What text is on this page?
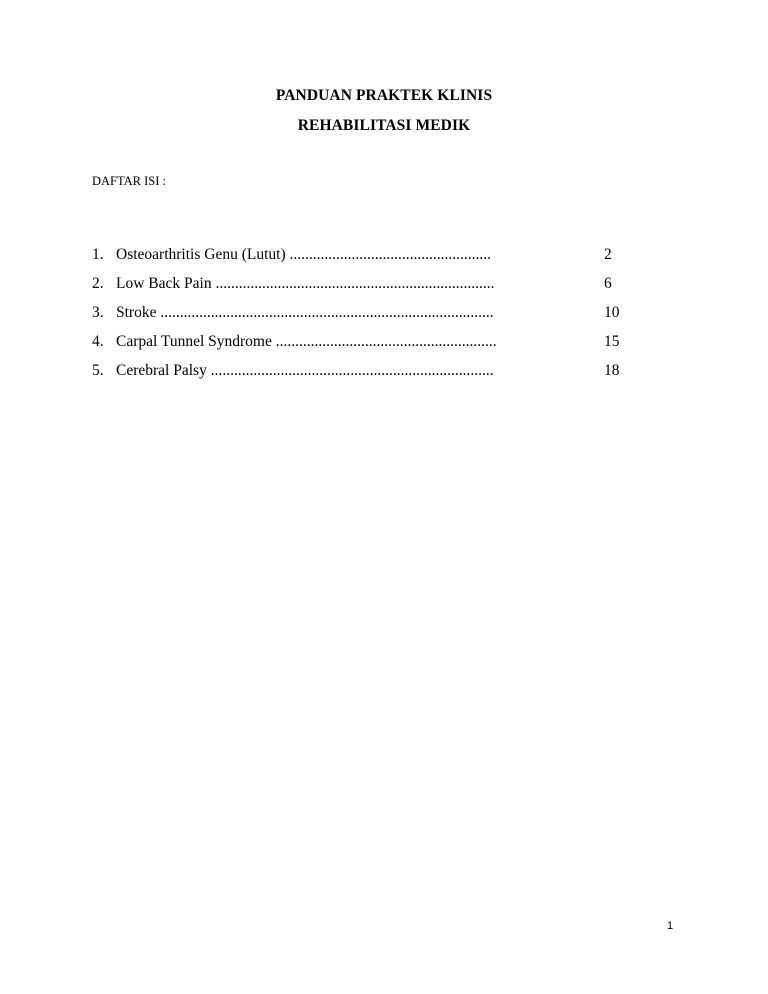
PANDUAN PRAKTEK KLINIS
REHABILITASI MEDIK
DAFTAR ISI :
1. Osteoarthritis Genu (Lutut) ....................................................	2
2. Low Back Pain ........................................................................	6
3. Stroke ......................................................................................	10
4. Carpal Tunnel Syndrome .........................................................	15
5. Cerebral Palsy .........................................................................	18
1
